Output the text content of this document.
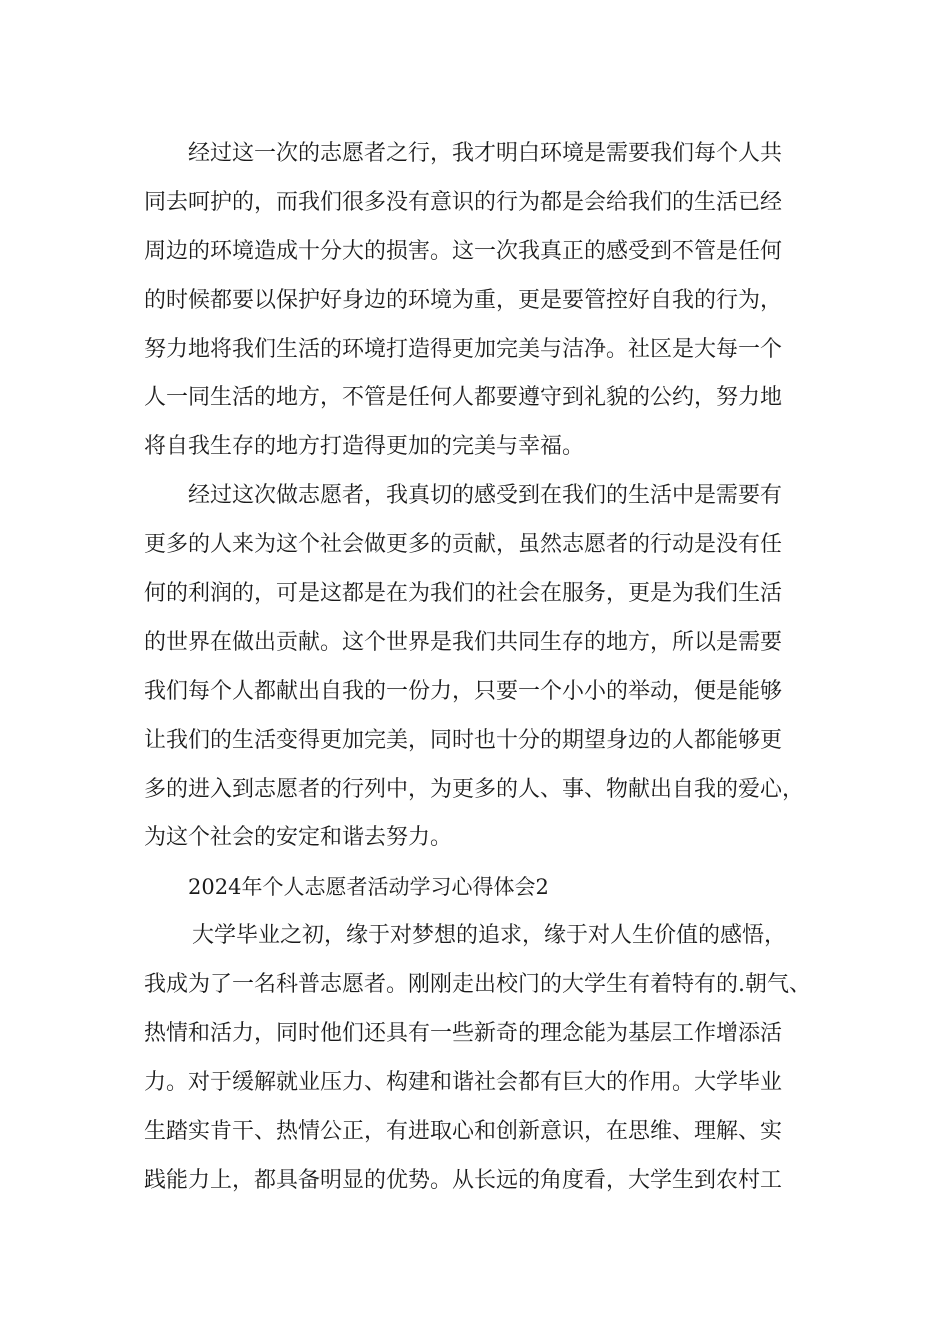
经过这一次的志愿者之行，我才明白环境是需要我们每个人共
同去呵护的，而我们很多没有意识的行为都是会给我们的生活已经
周边的环境造成十分大的损害。这一次我真正的感受到不管是任何
的时候都要以保护好身边的环境为重，更是要管控好自我的行为，
努力地将我们生活的环境打造得更加完美与洁净。社区是大每一个
人一同生活的地方，不管是任何人都要遵守到礼貌的公约，努力地
将自我生存的地方打造得更加的完美与幸福。
经过这次做志愿者，我真切的感受到在我们的生活中是需要有
更多的人来为这个社会做更多的贡献，虽然志愿者的行动是没有任
何的利润的，可是这都是在为我们的社会在服务，更是为我们生活
的世界在做出贡献。这个世界是我们共同生存的地方，所以是需要
我们每个人都献出自我的一份力，只要一个小小的举动，便是能够
让我们的生活变得更加完美，同时也十分的期望身边的人都能够更
多的进入到志愿者的行列中，为更多的人、事、物献出自我的爱心，
为这个社会的安定和谐去努力。
2024年个人志愿者活动学习心得体会2
大学毕业之初，缘于对梦想的追求，缘于对人生价值的感悟，
我成为了一名科普志愿者。刚刚走出校门的大学生有着特有的.朝气、
热情和活力，同时他们还具有一些新奇的理念能为基层工作增添活
力。对于缓解就业压力、构建和谐社会都有巨大的作用。大学毕业
生踏实肯干、热情公正，有进取心和创新意识，在思维、理解、实
践能力上，都具备明显的优势。从长远的角度看，大学生到农村工
